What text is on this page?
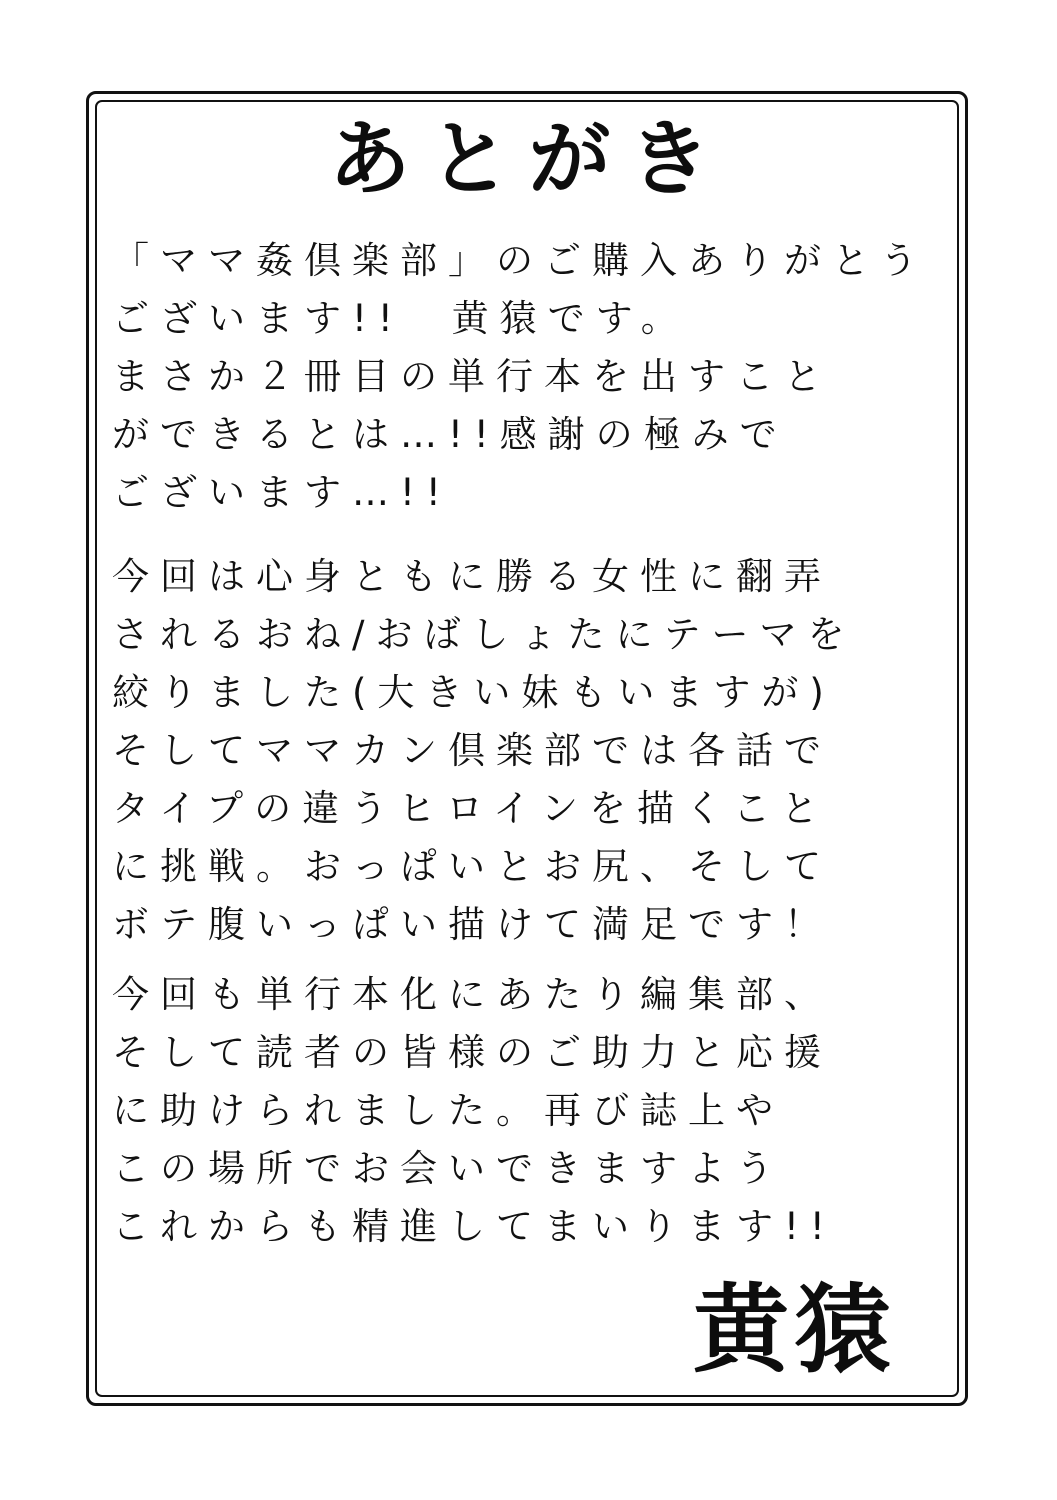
あとがき
「ママ姦倶楽部」のご購入ありがとう
ございます!!　黄猿です。
まさか２冊目の単行本を出すこと
ができるとは…!!感謝の極みで
ございます…!!
今回は心身ともに勝る女性に翻弄
されるおね/おばしょたにテーマを
絞りました(大きい妹もいますが)
そしてママカン倶楽部では各話で
タイプの違うヒロインを描くこと
に挑戦。おっぱいとお尻、そして
ボテ腹いっぱい描けて満足です！
今回も単行本化にあたり編集部、
そして読者の皆様のご助力と応援
に助けられました。再び誌上や
この場所でお会いできますよう
これからも精進してまいります!!
黄猿
